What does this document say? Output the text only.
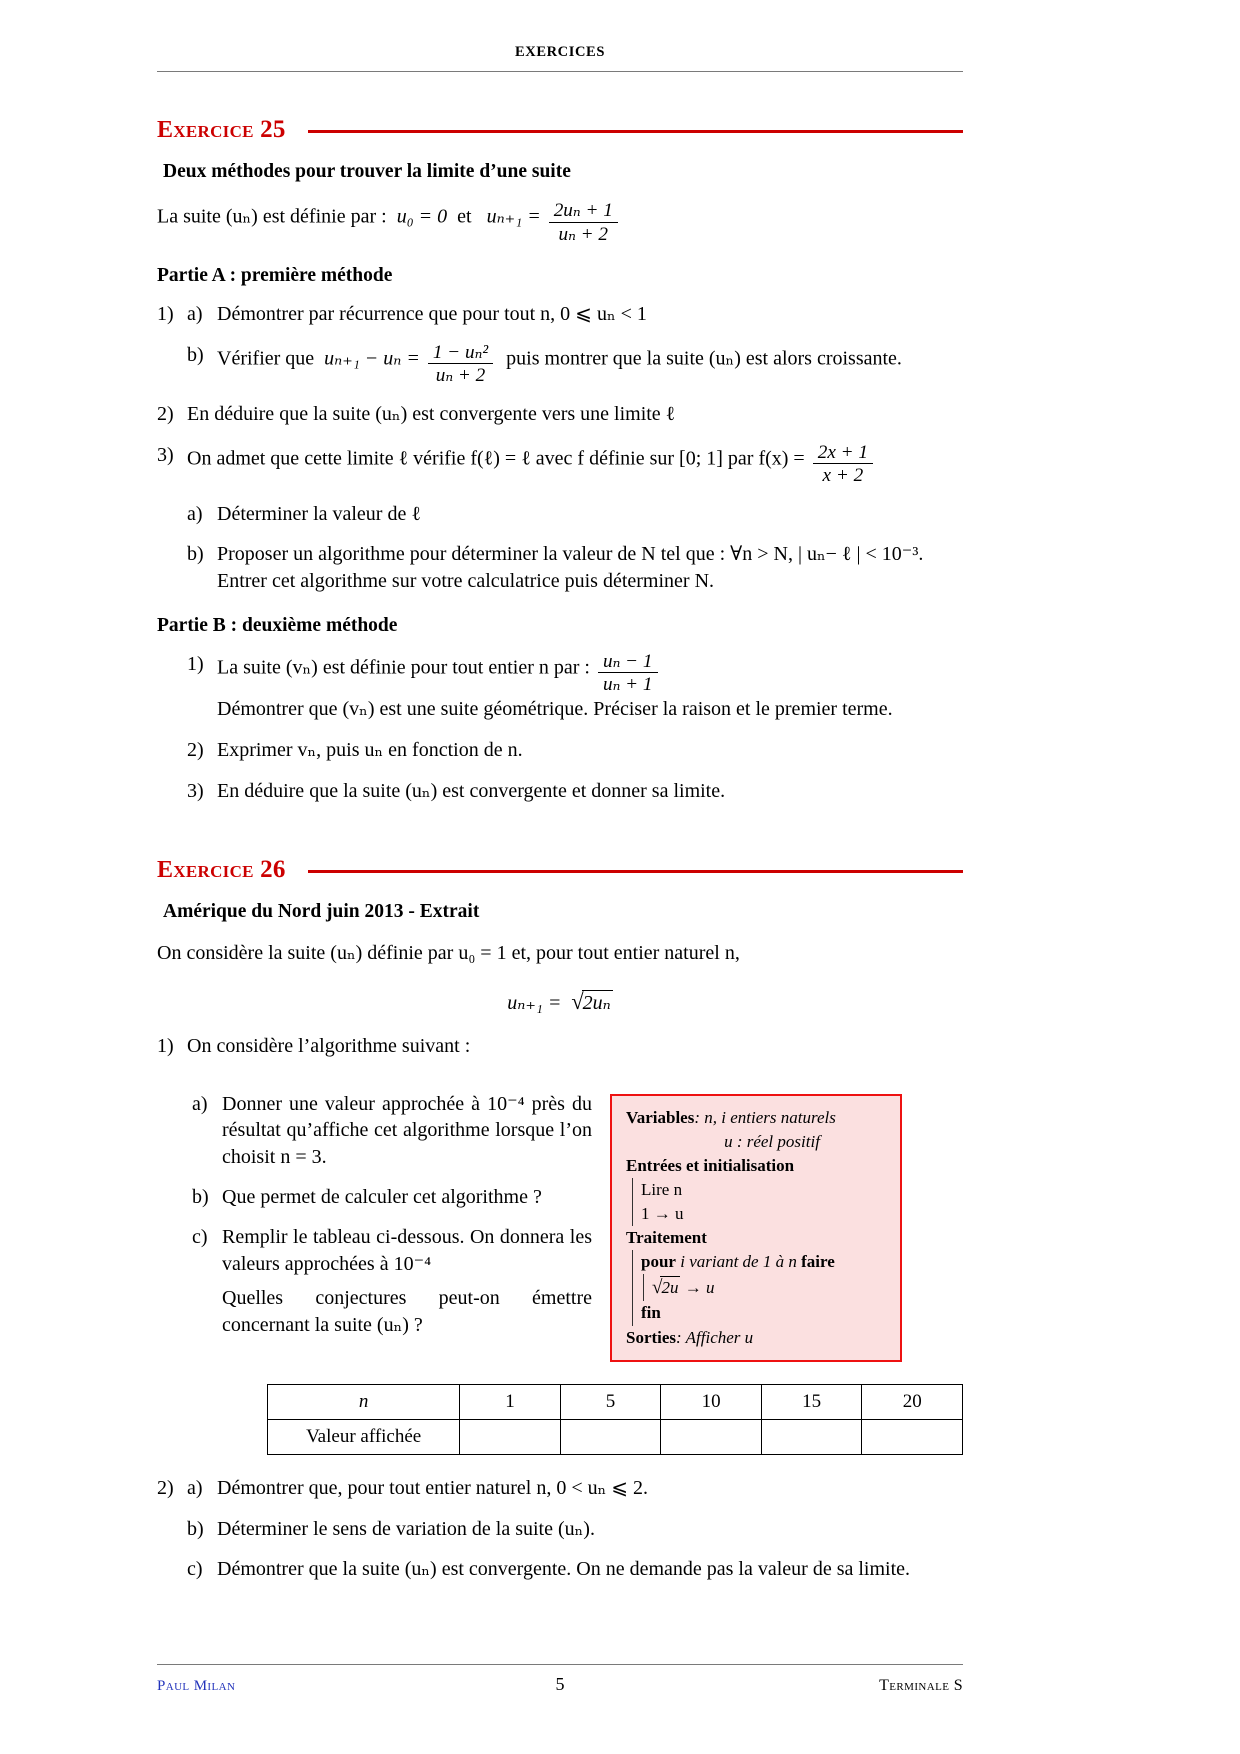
EXERCICES
Exercice 25
Deux méthodes pour trouver la limite d’une suite
La suite (uₙ) est définie par : u₀ = 0 et $u_{n+1} = \frac{\text{2uₙ + 1}}{\text{uₙ + 2}}$
Partie A : première méthode
1) a) Démontrer par récurrence que pour tout n, 0 ⩽ uₙ < 1
b) Vérifier que $u_{n+1} - u_n = \frac{\text{1 − uₙ²}}{\text{uₙ + 2}}$ puis montrer que la suite (uₙ) est alors croissante.
2) En déduire que la suite (uₙ) est convergente vers une limite ℓ
3) On admet que cette limite ℓ vérifie f(ℓ) = ℓ avec f définie sur [0; 1] par $f(x) = \frac{2x + 1}{x + 2}$
a) Déterminer la valeur de ℓ
b) Proposer un algorithme pour déterminer la valeur de N tel que : ∀n > N, | uₙ− ℓ | < 10⁻³.
Entrer cet algorithme sur votre calculatrice puis déterminer N.
Partie B : deuxième méthode
1) La suite (vₙ) est définie pour tout entier n par : $\frac{\text{uₙ − 1}}{\text{uₙ + 1}}$
Démontrer que (vₙ) est une suite géométrique. Préciser la raison et le premier terme.
2) Exprimer vₙ, puis uₙ en fonction de n.
3) En déduire que la suite (uₙ) est convergente et donner sa limite.
Exercice 26
Amérique du Nord juin 2013 - Extrait
On considère la suite (uₙ) définie par u₀ = 1 et, pour tout entier naturel n,
uₙ₊₁ = √2uₙ
1) On considère l’algorithme suivant :
a) Donner une valeur approchée à 10⁻⁴ près du résultat qu’affiche cet algorithme lorsque l’on choisit n = 3.
b) Que permet de calculer cet algorithme ?
c) Remplir le tableau ci-dessous. On donnera les valeurs approchées à 10⁻⁴
Quelles conjectures peut-on émettre concernant la suite (uₙ) ?
Variables: n, i entiers naturels
u : réel positif
Entrées et initialisation
Lire n
1 → u
Traitement
pour i variant de 1 à n faire
√2u → u
fin
Sorties: Afficher u
n	1	5	10	15	20
Valeur affichée					
2) a) Démontrer que, pour tout entier naturel n, 0 < uₙ ⩽ 2.
b) Déterminer le sens de variation de la suite (uₙ).
c) Démontrer que la suite (uₙ) est convergente. On ne demande pas la valeur de sa limite.
Paul Milan	5	Terminale S
